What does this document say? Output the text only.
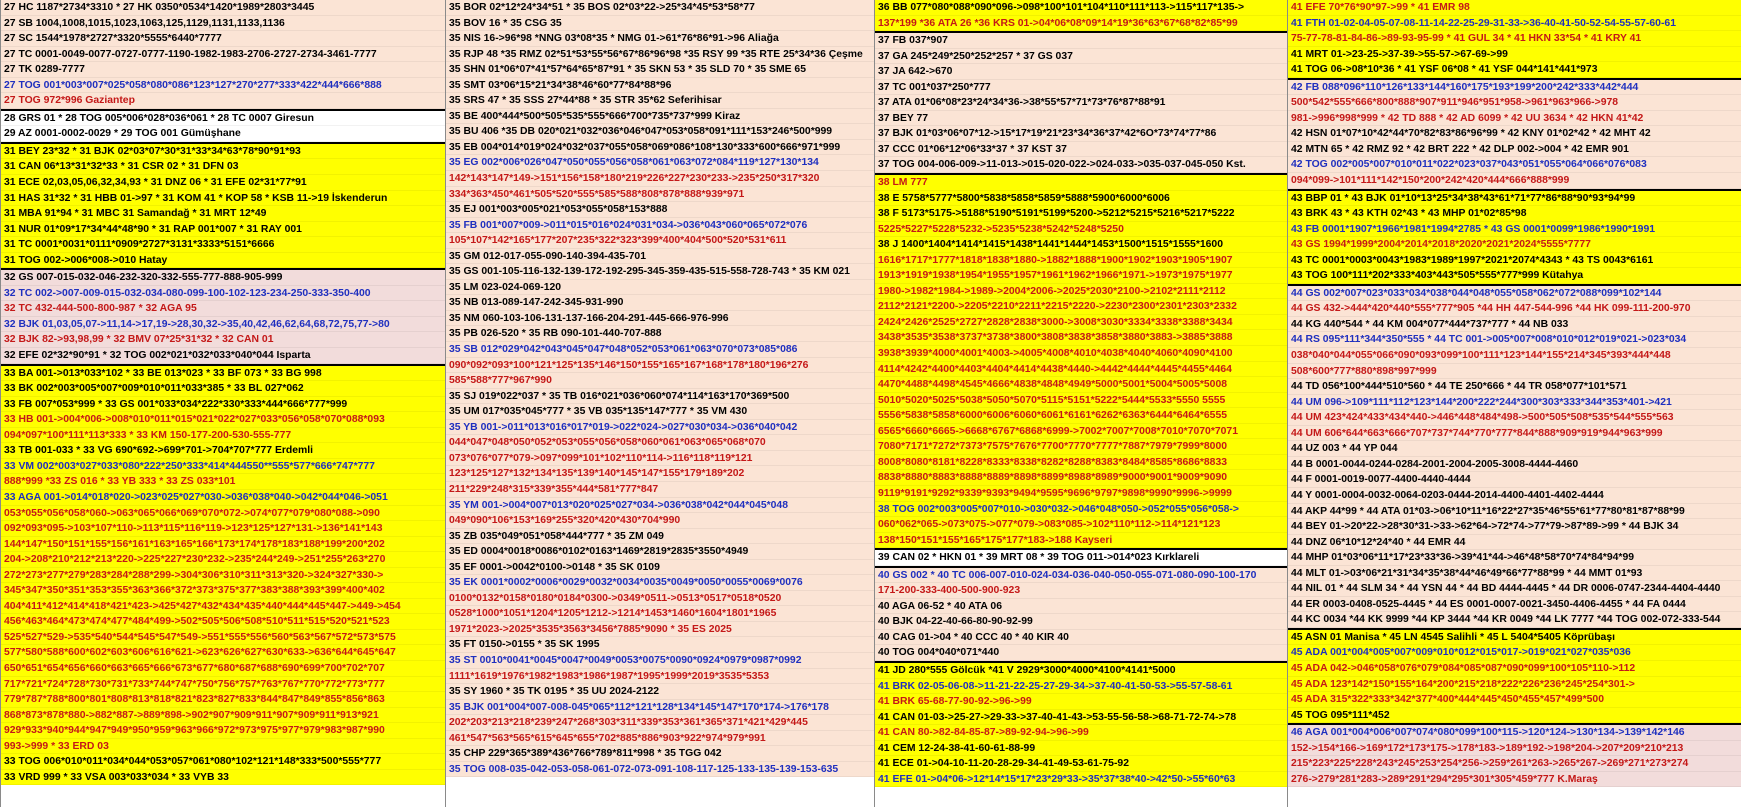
27 HC 1187*2734*3310 * 27 HK 0350*0534*1420*1989*2803*3445
27 SB 1004,1008,1015,1023,1063,125,1129,1131,1133,1136
27 SC 1544*1978*2727*3320*5555*6440*7777
27 TC 0001-0049-0077-0727-0777-1190-1982-1983-2706-2727-2734-3461-7777
27 TK 0289-7777
27 TOG 001*003*007*025*058*080*086*123*127*270*277*333*422*444*666*888
27 TOG 972*996 Gaziantep
28 GRS 01 * 28 TOG 005*006*028*036*061 * 28 TC 0007 Giresun
29 AZ 0001-0002-0029 * 29 TOG 001 Gümüşhane
31 BEY 23*32 * 31 BJK 02*03*07*30*31*33*34*63*78*90*91*93
31 CAN 06*13*31*32*33 * 31 CSR 02 * 31 DFN 03
31 ECE 02,03,05,06,32,34,93 * 31 DNZ 06 * 31 EFE 02*31*77*91
31 HAS 31*32 * 31 HBB 01->97 * 31 KOM 41 * KOP 58 * KSB 11->19 İskenderun
31 MBA 91*94 * 31 MBC 31 Samandağ * 31 MRT 12*49
31 NUR 01*09*17*34*44*48*90 * 31 RAP 001*007 * 31 RAY 001
31 TC 0001*0031*0111*0909*2727*3131*3333*5151*6666
31 TOG 002->006*008->010 Hatay
32 GS 007-015-032-046-232-320-332-555-777-888-905-999
32 TC 002->007-009-015-032-034-080-099-100-102-123-234-250-333-350-400
32 TC 432-444-500-800-987 * 32 AGA 95
32 BJK 01,03,05,07->11,14->17,19->28,30,32->35,40,42,46,62,64,68,72,75,77->80
32 BJK 82->93,98,99 * 32 BMV 07*25*31*32 * 32 CAN 01
32 EFE 02*32*90*91 * 32 TOG 002*021*032*033*040*044 Isparta
33 BA 001->013*033*102 * 33 BE 013*023 * 33 BF 073 * 33 BG 998
33 BK 002*003*005*007*009*010*011*033*385 * 33 BL 027*062
33 FB 007*053*999 * 33 GS 001*033*034*222*330*333*444*666*777*999
33 HB 001->004*006->008*010*011*015*021*022*027*033*056*058*070*088*093
094*097*100*111*113*333 * 33 KM 150-177-200-530-555-777
33 TB 001-033 * 33 VG 690*692->699*701->704*707*777 Erdemli
33 VM 002*003*027*033*080*222*250*333*414*444550**555*577*666*747*777
888*999 *33 ZS 016 * 33 YB 333 * 33 ZS 033*101
33 AGA 001->014*018*020->023*025*027*030->036*038*040->042*044*046->051
053*055*056*058*060->063*065*066*069*070*072->074*077*079*080*088->090
092*093*095->103*107*110->113*115*116*119->123*125*127*131->136*141*143
144*147*150*151*155*156*161*163*165*166*173*174*178*183*188*199*200*202
204->208*210*212*213*220->225*227*230*232->235*244*249->251*255*263*270
272*273*277*279*283*284*288*299->304*306*310*311*313*320->324*327*330->
345*347*350*351*353*355*363*366*372*373*375*377*383*388*393*399*400*402
404*411*412*414*418*421*423->425*427*432*434*435*440*444*445*447->449->454
456*463*464*473*474*477*484*499->502*505*506*508*510*511*515*520*521*523
525*527*529->535*540*544*545*547*549->551*555*556*560*563*567*572*573*575
577*580*588*600*602*603*606*616*621->623*626*627*630*633->636*644*645*647
650*651*654*656*660*663*665*666*673*677*680*687*688*690*699*700*702*707
717*721*724*728*730*731*733*744*747*750*756*757*763*767*770*772*773*777
779*787*788*800*801*808*813*818*821*823*827*833*844*847*849*855*856*863
868*873*878*880->882*887->889*898->902*907*909*911*907*909*911*913*921
929*933*940*944*947*949*950*959*963*966*972*973*975*977*979*983*987*990
993->999 * 33 ERD 03
33 TOG 006*010*011*034*044*053*057*061*080*102*121*148*333*500*555*777
33 VRD 999 * 33 VSA 003*033*034 * 33 VYB 33
35 BOR 02*12*24*34*51 * 35 BOS 02*03*22->25*34*45*53*58*77
35 BOV 16 * 35 CSG 35
35 NIS 16->96*98 *NNG 03*08*35 * NMG 01->61*76*86*91->96 Aliağa
35 RJP 48 *35 RMZ 02*51*53*55*56*67*86*96*98 *35 RSY 99 *35 RTE 25*34*36 Çeşme
35 SHN 01*06*07*41*57*64*65*87*91 * 35 SKN 53 * 35 SLD 70 * 35 SME 65
35 SMT 03*06*15*21*34*38*46*60*77*84*88*96
35 SRS 47 * 35 SSS 27*44*88 * 35 STR 35*62 Seferihisar
35 BE 400*444*500*505*535*555*666*700*735*737*999 Kiraz
35 BU 406 *35 DB 020*021*032*036*046*047*053*058*091*111*153*246*500*999
35 EB 004*014*019*024*032*037*055*058*069*086*108*130*333*600*666*971*999
35 EG 002*006*026*047*050*055*056*058*061*063*072*084*119*127*130*134
142*143*147*149->151*156*158*180*219*226*227*230*233->235*250*317*320
334*363*450*461*505*520*555*585*588*808*878*888*939*971
35 EJ 001*003*005*021*053*055*058*153*888
35 FB 001*007*009->011*015*016*024*031*034->036*043*060*065*072*076
105*107*142*165*177*207*235*322*323*399*400*404*500*520*531*611
35 GM 012-017-055-090-140-394-435-701
35 GS 001-105-116-132-139-172-192-295-345-359-435-515-558-728-743 * 35 KM 021
35 LM 023-024-069-120
35 NB 013-089-147-242-345-931-990
35 NM 060-103-106-131-137-166-204-291-445-666-976-996
35 PB 026-520 * 35 RB 090-101-440-707-888
35 SB 012*029*042*043*045*047*048*052*053*061*063*070*073*085*086
090*092*093*100*121*125*135*146*150*155*165*167*168*178*180*196*276
585*588*777*967*990
35 SJ 019*022*037 * 35 TB 016*021*036*060*074*114*163*170*369*500
35 UM 017*035*045*777 * 35 VB 035*135*147*777 * 35 VM 430
35 YB 001->011*013*016*017*019->022*024->027*030*034->036*040*042
044*047*048*050*052*053*055*056*058*060*061*063*065*068*070
073*076*077*079->097*099*101*102*110*114->116*118*119*121
123*125*127*132*134*135*139*140*145*147*155*179*189*202
211*229*248*315*339*355*444*581*777*847
35 YM 001->004*007*013*020*025*027*034->036*038*042*044*045*048
049*090*106*153*169*255*320*420*430*704*990
35 ZB 035*049*051*058*444*777 * 35 ZM 049
35 ED 0004*0018*0086*0102*0163*1469*2819*2835*3550*4949
35 EF 0001->0042*0100->0148 * 35 SK 0109
35 EK 0001*0002*0006*0029*0032*0034*0035*0049*0050*0055*0069*0076
0100*0132*0158*0180*0184*0300->0349*0511->0513*0517*0518*0520
0528*1000*1051*1204*1205*1212->1214*1453*1460*1604*1801*1965
1971*2023->2025*3535*3563*3456*7885*9090 * 35 ES 2025
35 FT 0150->0155 * 35 SK 1995
35 ST 0010*0041*0045*0047*0049*0053*0075*0090*0924*0979*0987*0992
1111*1619*1976*1982*1983*1986*1987*1995*1999*2019*3535*5353
35 SY 1960 * 35 TK 0195 * 35 UU 2024-2122
35 BJK 001*004*007-008-045*065*112*121*128*134*145*147*170*174->176*178
202*203*213*218*239*247*268*303*311*339*353*361*365*371*421*429*445
461*547*563*565*615*645*655*702*885*886*903*922*974*979*991
35 CHP 229*365*389*436*766*789*811*998 * 35 TGG 042
35 TOG 008-035-042-053-058-061-072-073-091-108-117-125-133-135-139-153-635
36 BB 077*080*088*090*096->098*100*101*104*110*111*113->115*117*135->
137*199 *36 ATA 26 *36 KRS 01->04*06*08*09*14*19*36*63*67*68*82*85*99
37 FB 037*907
37 GA 245*249*250*252*257 * 37 GS 037
37 JA 642->670
37 TC 001*037*250*777
37 ATA 01*06*08*23*24*34*36->38*55*57*71*73*76*87*88*91
37 BEY 77
37 BJK 01*03*06*07*12->15*17*19*21*23*34*36*37*42*6O*73*74*77*86
37 CCC 01*06*12*06*33*37 * 37 KST 37
37 TOG 004-006-009->11-013->015-020-022->024-033->035-037-045-050 Kst.
38 LM 777
38 E 5758*5777*5800*5838*5858*5859*5888*5900*6000*6006
38 F 5173*5175->5188*5190*5191*5199*5200->5212*5215*5216*5217*5222
5225*5227*5228*5232->5235*5238*5242*5248*5250
38 J 1400*1404*1414*1415*1438*1441*1444*1453*1500*1515*1555*1600
1616*1717*1777*1818*1838*1880->1882*1888*1900*1902*1903*1905*1907
1913*1919*1938*1954*1955*1957*1961*1962*1966*1971->1973*1975*1977
1980->1982*1984->1989->2004*2006->2025*2030*2100->2102*2111*2112
2112*2121*2200->2205*2210*2211*2215*2220->2230*2300*2301*2303*2332
2424*2426*2525*2727*2828*2838*3000->3008*3030*3334*3338*3388*3434
3438*3535*3538*3737*3738*3800*3808*3838*3858*3880*3883->3885*3888
3938*3939*4000*4001*4003->4005*4008*4010*4038*4040*4060*4090*4100
4114*4242*4400*4403*4404*4414*4438*4440->4442*4444*4445*4455*4464
4470*4488*4498*4545*4666*4838*4848*4949*5000*5001*5004*5005*5008
5010*5020*5025*5038*5050*5070*5115*5151*5222*5444*5533*5550 5555
5556*5838*5858*6000*6006*6060*6061*6161*6262*6363*6444*6464*6555
6565*6660*6665->6668*6767*6868*6999->7002*7007*7008*7010*7070*7071
7080*7171*7272*7373*7575*7676*7700*7770*7777*7887*7979*7999*8000
8008*8080*8181*8228*8333*8338*8282*8288*8383*8484*8585*8686*8833
8838*8880*8883*8888*8889*8898*8899*8988*8989*9000*9001*9009*9090
9119*9191*9292*9339*9393*9494*9595*9696*9797*9898*9990*9996->9999
38 TOG 002*003*005*007*010->030*032->046*048*050->052*055*056*058->
060*062*065->073*075->077*079->083*085->102*110*112->114*121*123
138*150*151*155*165*175*177*183->188 Kayseri
39 CAN 02 * HKN 01 * 39 MRT 08 * 39 TOG 011->014*023 Kırklareli
40 GS 002 * 40 TC 006-007-010-024-034-036-040-050-055-071-080-090-100-170
171-200-333-400-500-900-923
40 AGA 06-52 * 40 ATA 06
40 BJK 04-22-40-66-80-90-92-99
40 CAG 01->04 * 40 CCC 40 * 40 KIR 40
40 TOG 004*040*071*440
41 JD 280*555 Gölcük *41 V 2929*3000*4000*4100*4141*5000
41 BRK 02-05-06-08->11-21-22-25-27-29-34->37-40-41-50-53->55-57-58-61
41 BRK 65-68-77-90-92->96->99
41 CAN 01-03->25-27->29-33->37-40-41-43->53-55-56-58->68-71-72-74->78
41 CAN 80->82-84-85-87->89-92-94->96->99
41 CEM 12-24-38-41-60-61-88-99
41 ECE 01->04-10-11-20-28-29-34-41-49-53-61-75-92
41 EFE 01->04*06->12*14*15*17*23*29*33->35*37*38*40->42*50->55*60*63
41 EFE 70*76*90*97->99 * 41 EMR 98
41 FTH 01-02-04-05-07-08-11-14-22-25-29-31-33->36-40-41-50-52-54-55-57-60-61
75-77-78-81-84-86->89-93-95-99 * 41 GUL 34 * 41 HKN 33*54 * 41 KRY 41
41 MRT 01->23-25->37-39->55-57->67-69->99
41 TOG 06->08*10*36 * 41 YSF 06*08 * 41 YSF 044*141*441*973
42 FB 088*096*110*126*133*144*160*175*193*199*200*242*333*442*444
500*542*555*666*800*888*907*911*946*951*958->961*963*966->978
981->996*998*999 * 42 TD 888 * 42 AD 6099 * 42 UU 3634 * 42 HKN 41*42
42 HSN 01*07*10*42*44*70*82*83*86*96*99 * 42 KNY 01*02*42 * 42 MHT 42
42 MTN 65 * 42 RMZ 92 * 42 BRT 222 * 42 DLP 002->004 * 42 EMR 901
42 TOG 002*005*007*010*011*022*023*037*043*051*055*064*066*076*083
094*099->101*111*142*150*200*242*420*444*666*888*999
43 BBP 01 * 43 BJK 01*10*13*25*34*38*43*61*71*77*86*88*90*93*94*99
43 BRK 43 * 43 KTH 02*43 * 43 MHP 01*02*85*98
43 FB 0001*1907*1966*1981*1994*2785 * 43 GS 0001*0099*1986*1990*1991
43 GS 1994*1999*2004*2014*2018*2020*2021*2024*5555*7777
43 TC 0001*0003*0043*1983*1989*1997*2021*2074*4343 * 43 TS 0043*6161
43 TOG 100*111*202*333*403*443*505*555*777*999 Kütahya
44 GS 002*007*023*033*034*038*044*048*055*058*062*072*088*099*102*144
44 GS 432->444*420*440*555*777*905 *44 HH 447-544-996 *44 HK 099-111-200-970
44 KG 440*544 * 44 KM 004*077*444*737*777 * 44 NB 033
44 RS 095*111*344*350*555 * 44 TC 001->005*007*008*010*012*019*021->023*034
038*040*044*055*066*090*093*099*100*111*123*144*155*214*345*393*444*448
508*600*777*880*898*997*999
44 TD 056*100*444*510*560 * 44 TE 250*666 * 44 TR 058*077*101*571
44 UM 096->109*111*112*123*144*200*222*244*300*303*333*344*353*401->421
44 UM 423*424*433*434*440->446*448*484*498->500*505*508*535*544*555*563
44 UM 606*644*663*666*707*737*744*770*777*844*888*909*919*944*963*999
44 UZ 003 * 44 YP 044
44 B 0001-0044-0244-0284-2001-2004-2005-3008-4444-4460
44 F 0001-0019-0077-4400-4440-4444
44 Y 0001-0004-0032-0064-0203-0444-2014-4400-4401-4402-4444
44 AKP 44*99 * 44 ATA 01*03->06*10*11*16*22*27*35*46*55*61*77*80*81*87*88*99
44 BEY 01->20*22->28*30*31->33->62*64->72*74->77*79->87*89->99 * 44 BJK 34
44 DNZ 06*10*12*24*40 * 44 EMR 44
44 MHP 01*03*06*11*17*23*33*36->39*41*44->46*48*58*70*74*84*94*99
44 MLT 01->03*06*21*31*34*35*38*44*46*49*66*77*88*99 * 44 MMT 01*93
44 NIL 01 * 44 SLM 34 * 44 YSN 44 * 44 BD 4444-4445 * 44 DR 0006-0747-2344-4404-4440
44 ER 0003-0408-0525-4445 * 44 ES 0001-0007-0021-3450-4406-4455 * 44 FA 0444
44 KC 0034 *44 KK 9999 *44 KP 3444 *44 KR 0049 *44 LK 7777 *44 TOG 002-072-333-544
45 ASN 01 Manisa * 45 LN 4545 Salihli * 45 L 5404*5405 Köprübaşı
45 ADA 001*004*005*007*009*010*012*015*017->019*021*027*035*036
45 ADA 042->046*058*076*079*084*085*087*090*099*100*105*110->112
45 ADA 123*142*150*155*164*200*215*218*222*226*236*245*254*301->
45 ADA 315*322*333*342*377*400*444*445*450*455*457*499*500
45 TOG 095*111*452
46 AGA 001*004*006*007*074*080*099*100*115->120*124->130*134->139*142*146
152->154*166->169*172*173*175->178*183->189*192->198*204->207*209*210*213
215*223*225*228*243*245*253*254*256->259*261*263->265*267->269*271*273*274
276->279*281*283->289*291*294*295*301*305*459*777 K.Maraş
